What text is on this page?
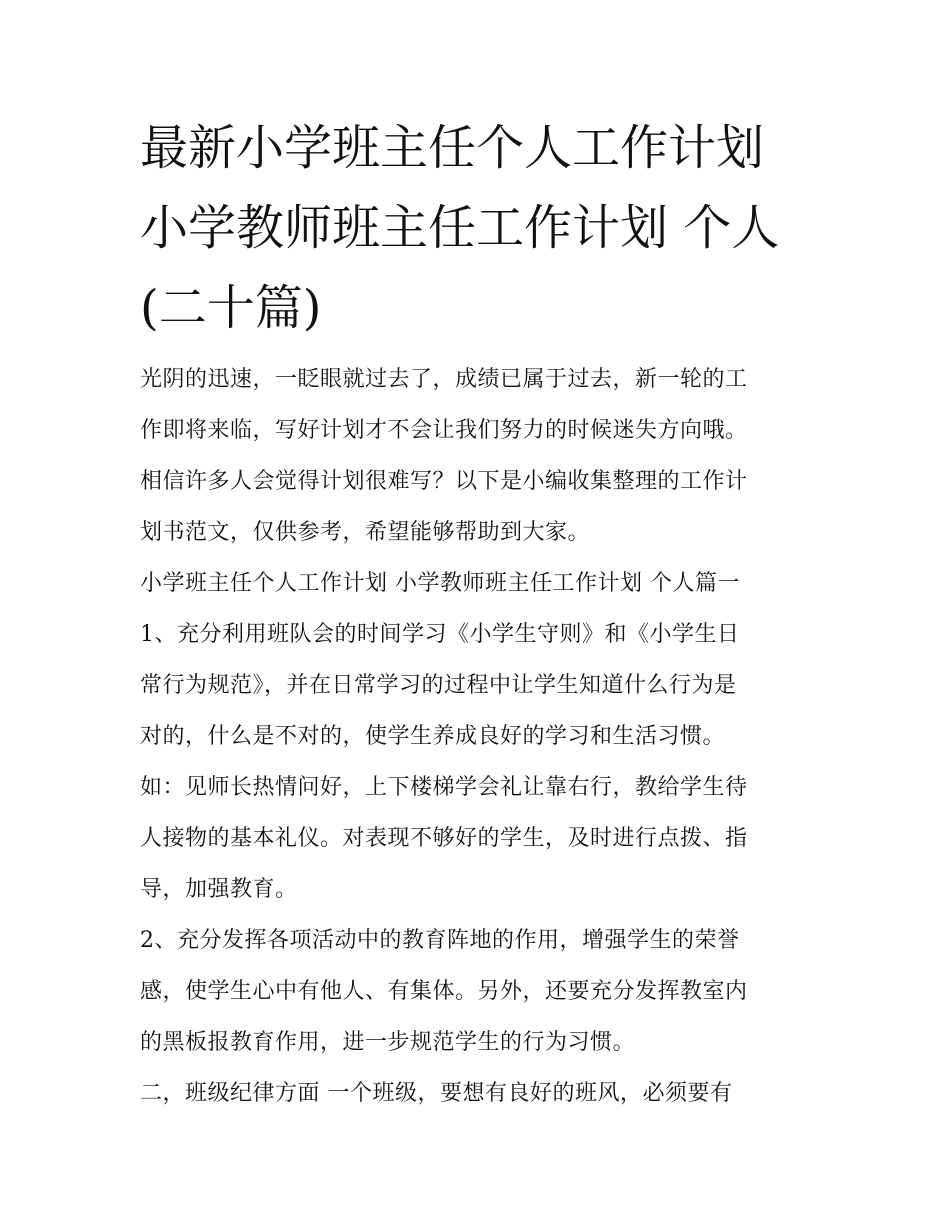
最新小学班主任个人工作计划
小学教师班主任工作计划 个人
(二十篇)
光阴的迅速，一眨眼就过去了，成绩已属于过去，新一轮的工
作即将来临，写好计划才不会让我们努力的时候迷失方向哦。
相信许多人会觉得计划很难写？以下是小编收集整理的工作计
划书范文，仅供参考，希望能够帮助到大家。
小学班主任个人工作计划 小学教师班主任工作计划 个人篇一
1、充分利用班队会的时间学习《小学生守则》和《小学生日
常行为规范》，并在日常学习的过程中让学生知道什么行为是
对的，什么是不对的，使学生养成良好的学习和生活习惯。
如：见师长热情问好，上下楼梯学会礼让靠右行，教给学生待
人接物的基本礼仪。对表现不够好的学生，及时进行点拨、指
导，加强教育。
2、充分发挥各项活动中的教育阵地的作用，增强学生的荣誉
感，使学生心中有他人、有集体。另外，还要充分发挥教室内
的黑板报教育作用，进一步规范学生的行为习惯。
二，班级纪律方面 一个班级，要想有良好的班风，必须要有
